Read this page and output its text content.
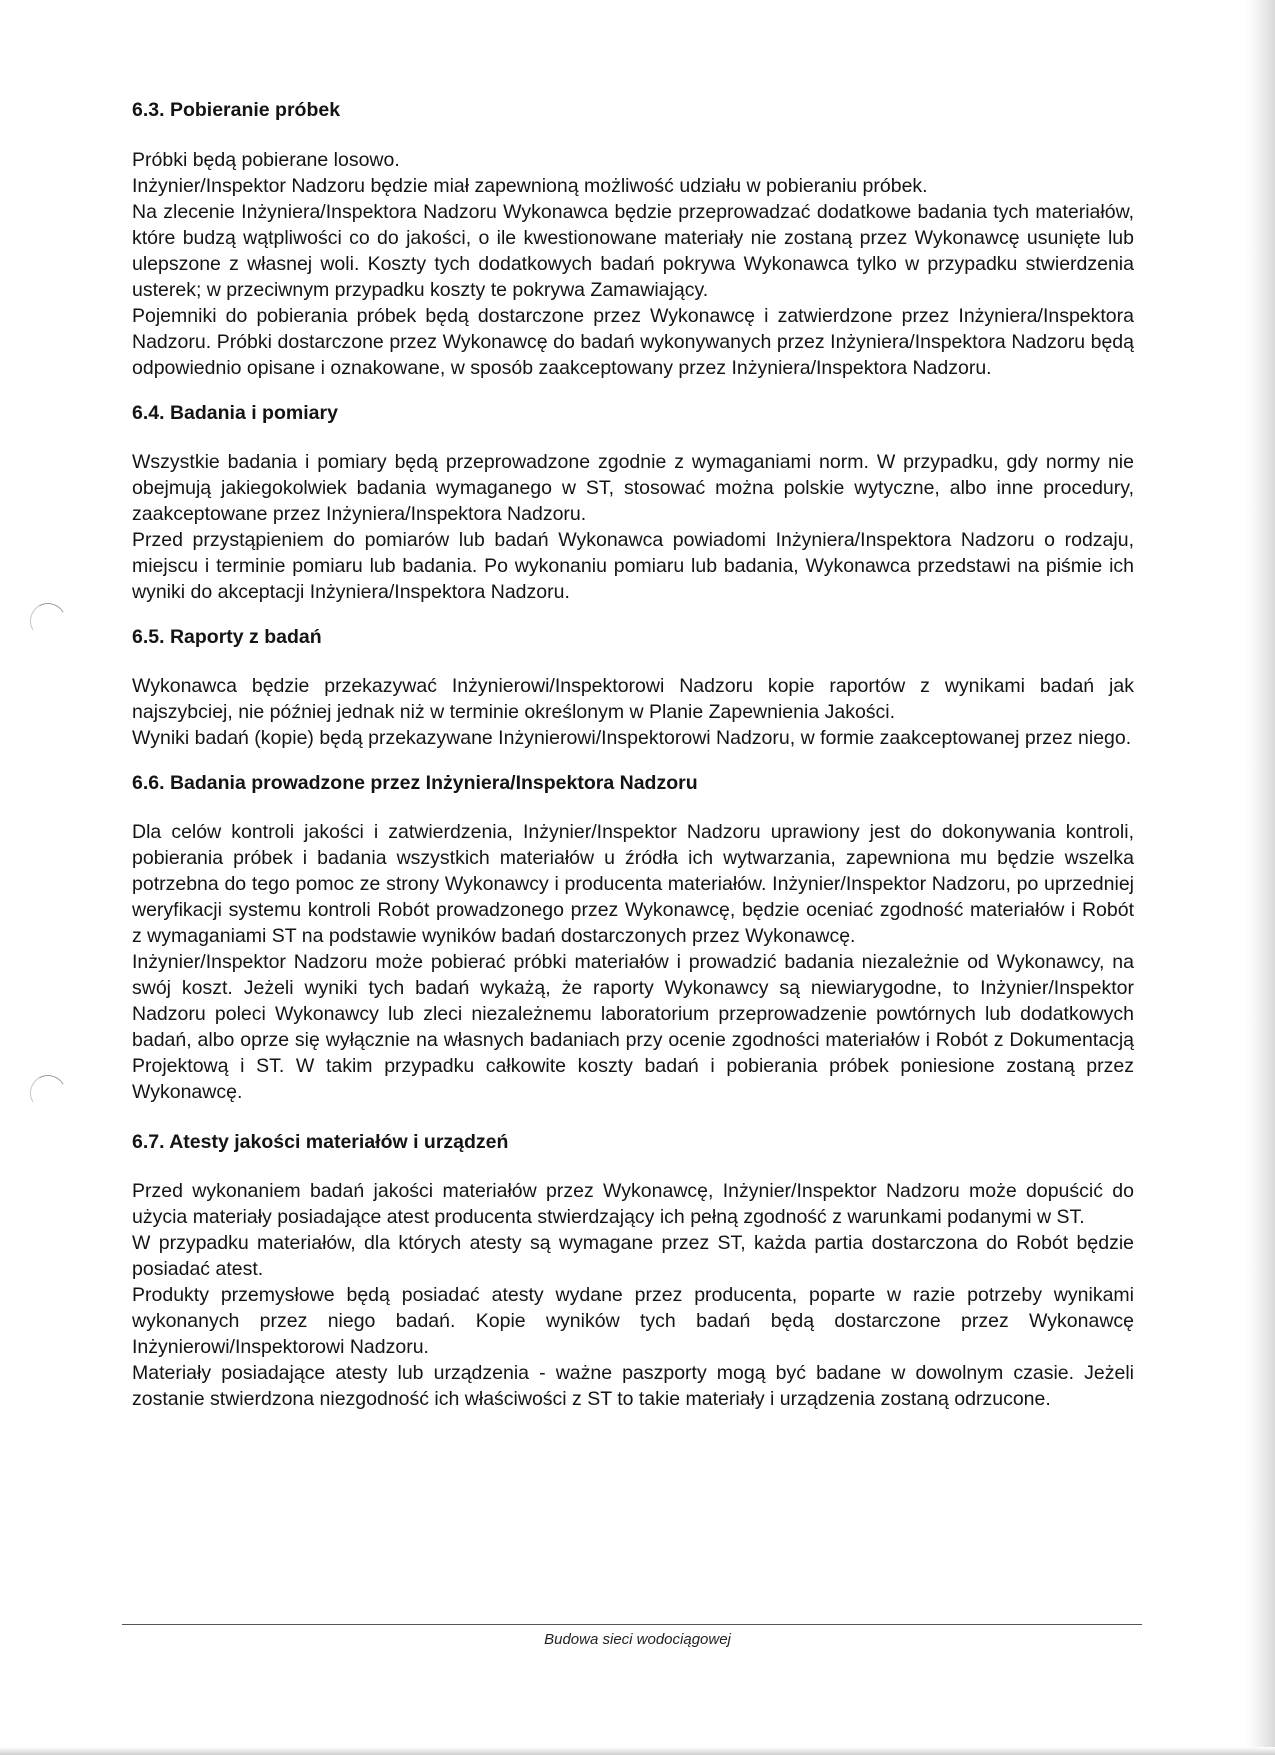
6.3. Pobieranie próbek

Próbki będą pobierane losowo.

Inżynier/Inspektor Nadzoru będzie miał zapewnioną możliwość udziału w pobieraniu próbek.

Na zlecenie Inżyniera/Inspektora Nadzoru Wykonawca będzie przeprowadzać dodatkowe badania tych materiałów, które budzą wątpliwości co do jakości, o ile kwestionowane materiały nie zostaną przez Wykonawcę usunięte lub ulepszone z własnej woli. Koszty tych dodatkowych badań pokrywa Wykonawca tylko w przypadku stwierdzenia usterek; w przeciwnym przypadku koszty te pokrywa Zamawiający.

Pojemniki do pobierania próbek będą dostarczone przez Wykonawcę i zatwierdzone przez Inżyniera/Inspektora Nadzoru. Próbki dostarczone przez Wykonawcę do badań wykonywanych przez Inżyniera/Inspektora Nadzoru będą odpowiednio opisane i oznakowane, w sposób zaakceptowany przez Inżyniera/Inspektora Nadzoru.

6.4. Badania i pomiary

Wszystkie badania i pomiary będą przeprowadzone zgodnie z wymaganiami norm. W przypadku, gdy normy nie obejmują jakiegokolwiek badania wymaganego w ST, stosować można polskie wytyczne, albo inne procedury, zaakceptowane przez Inżyniera/Inspektora Nadzoru.

Przed przystąpieniem do pomiarów lub badań Wykonawca powiadomi Inżyniera/Inspektora Nadzoru o rodzaju, miejscu i terminie pomiaru lub badania. Po wykonaniu pomiaru lub badania, Wykonawca przedstawi na piśmie ich wyniki do akceptacji Inżyniera/Inspektora Nadzoru.

6.5. Raporty z badań

Wykonawca będzie przekazywać Inżynierowi/Inspektorowi Nadzoru kopie raportów z wynikami badań jak najszybciej, nie później jednak niż w terminie określonym w Planie Zapewnienia Jakości.

Wyniki badań (kopie) będą przekazywane Inżynierowi/Inspektorowi Nadzoru, w formie zaakceptowanej przez niego.

6.6. Badania prowadzone przez Inżyniera/Inspektora Nadzoru

Dla celów kontroli jakości i zatwierdzenia, Inżynier/Inspektor Nadzoru uprawiony jest do dokonywania kontroli, pobierania próbek i badania wszystkich materiałów u źródła ich wytwarzania, zapewniona mu będzie wszelka potrzebna do tego pomoc ze strony Wykonawcy i producenta materiałów. Inżynier/Inspektor Nadzoru, po uprzedniej weryfikacji systemu kontroli Robót prowadzonego przez Wykonawcę, będzie oceniać zgodność materiałów i Robót z wymaganiami ST na podstawie wyników badań dostarczonych przez Wykonawcę.

Inżynier/Inspektor Nadzoru może pobierać próbki materiałów i prowadzić badania niezależnie od Wykonawcy, na swój koszt. Jeżeli wyniki tych badań wykażą, że raporty Wykonawcy są niewiarygodne, to Inżynier/Inspektor Nadzoru poleci Wykonawcy lub zleci niezależnemu laboratorium przeprowadzenie powtórnych lub dodatkowych badań, albo oprze się wyłącznie na własnych badaniach przy ocenie zgodności materiałów i Robót z Dokumentacją Projektową i ST. W takim przypadku całkowite koszty badań i pobierania próbek poniesione zostaną przez Wykonawcę.

6.7. Atesty jakości materiałów i urządzeń

Przed wykonaniem badań jakości materiałów przez Wykonawcę, Inżynier/Inspektor Nadzoru może dopuścić do użycia materiały posiadające atest producenta stwierdzający ich pełną zgodność z warunkami podanymi w ST.

W przypadku materiałów, dla których atesty są wymagane przez ST, każda partia dostarczona do Robót będzie posiadać atest.

Produkty przemysłowe będą posiadać atesty wydane przez producenta, poparte w razie potrzeby wynikami wykonanych przez niego badań. Kopie wyników tych badań będą dostarczone przez Wykonawcę Inżynierowi/Inspektorowi Nadzoru.

Materiały posiadające atesty lub urządzenia - ważne paszporty mogą być badane w dowolnym czasie. Jeżeli zostanie stwierdzona niezgodność ich właściwości z ST to takie materiały i urządzenia zostaną odrzucone.

Budowa sieci wodociągowej
